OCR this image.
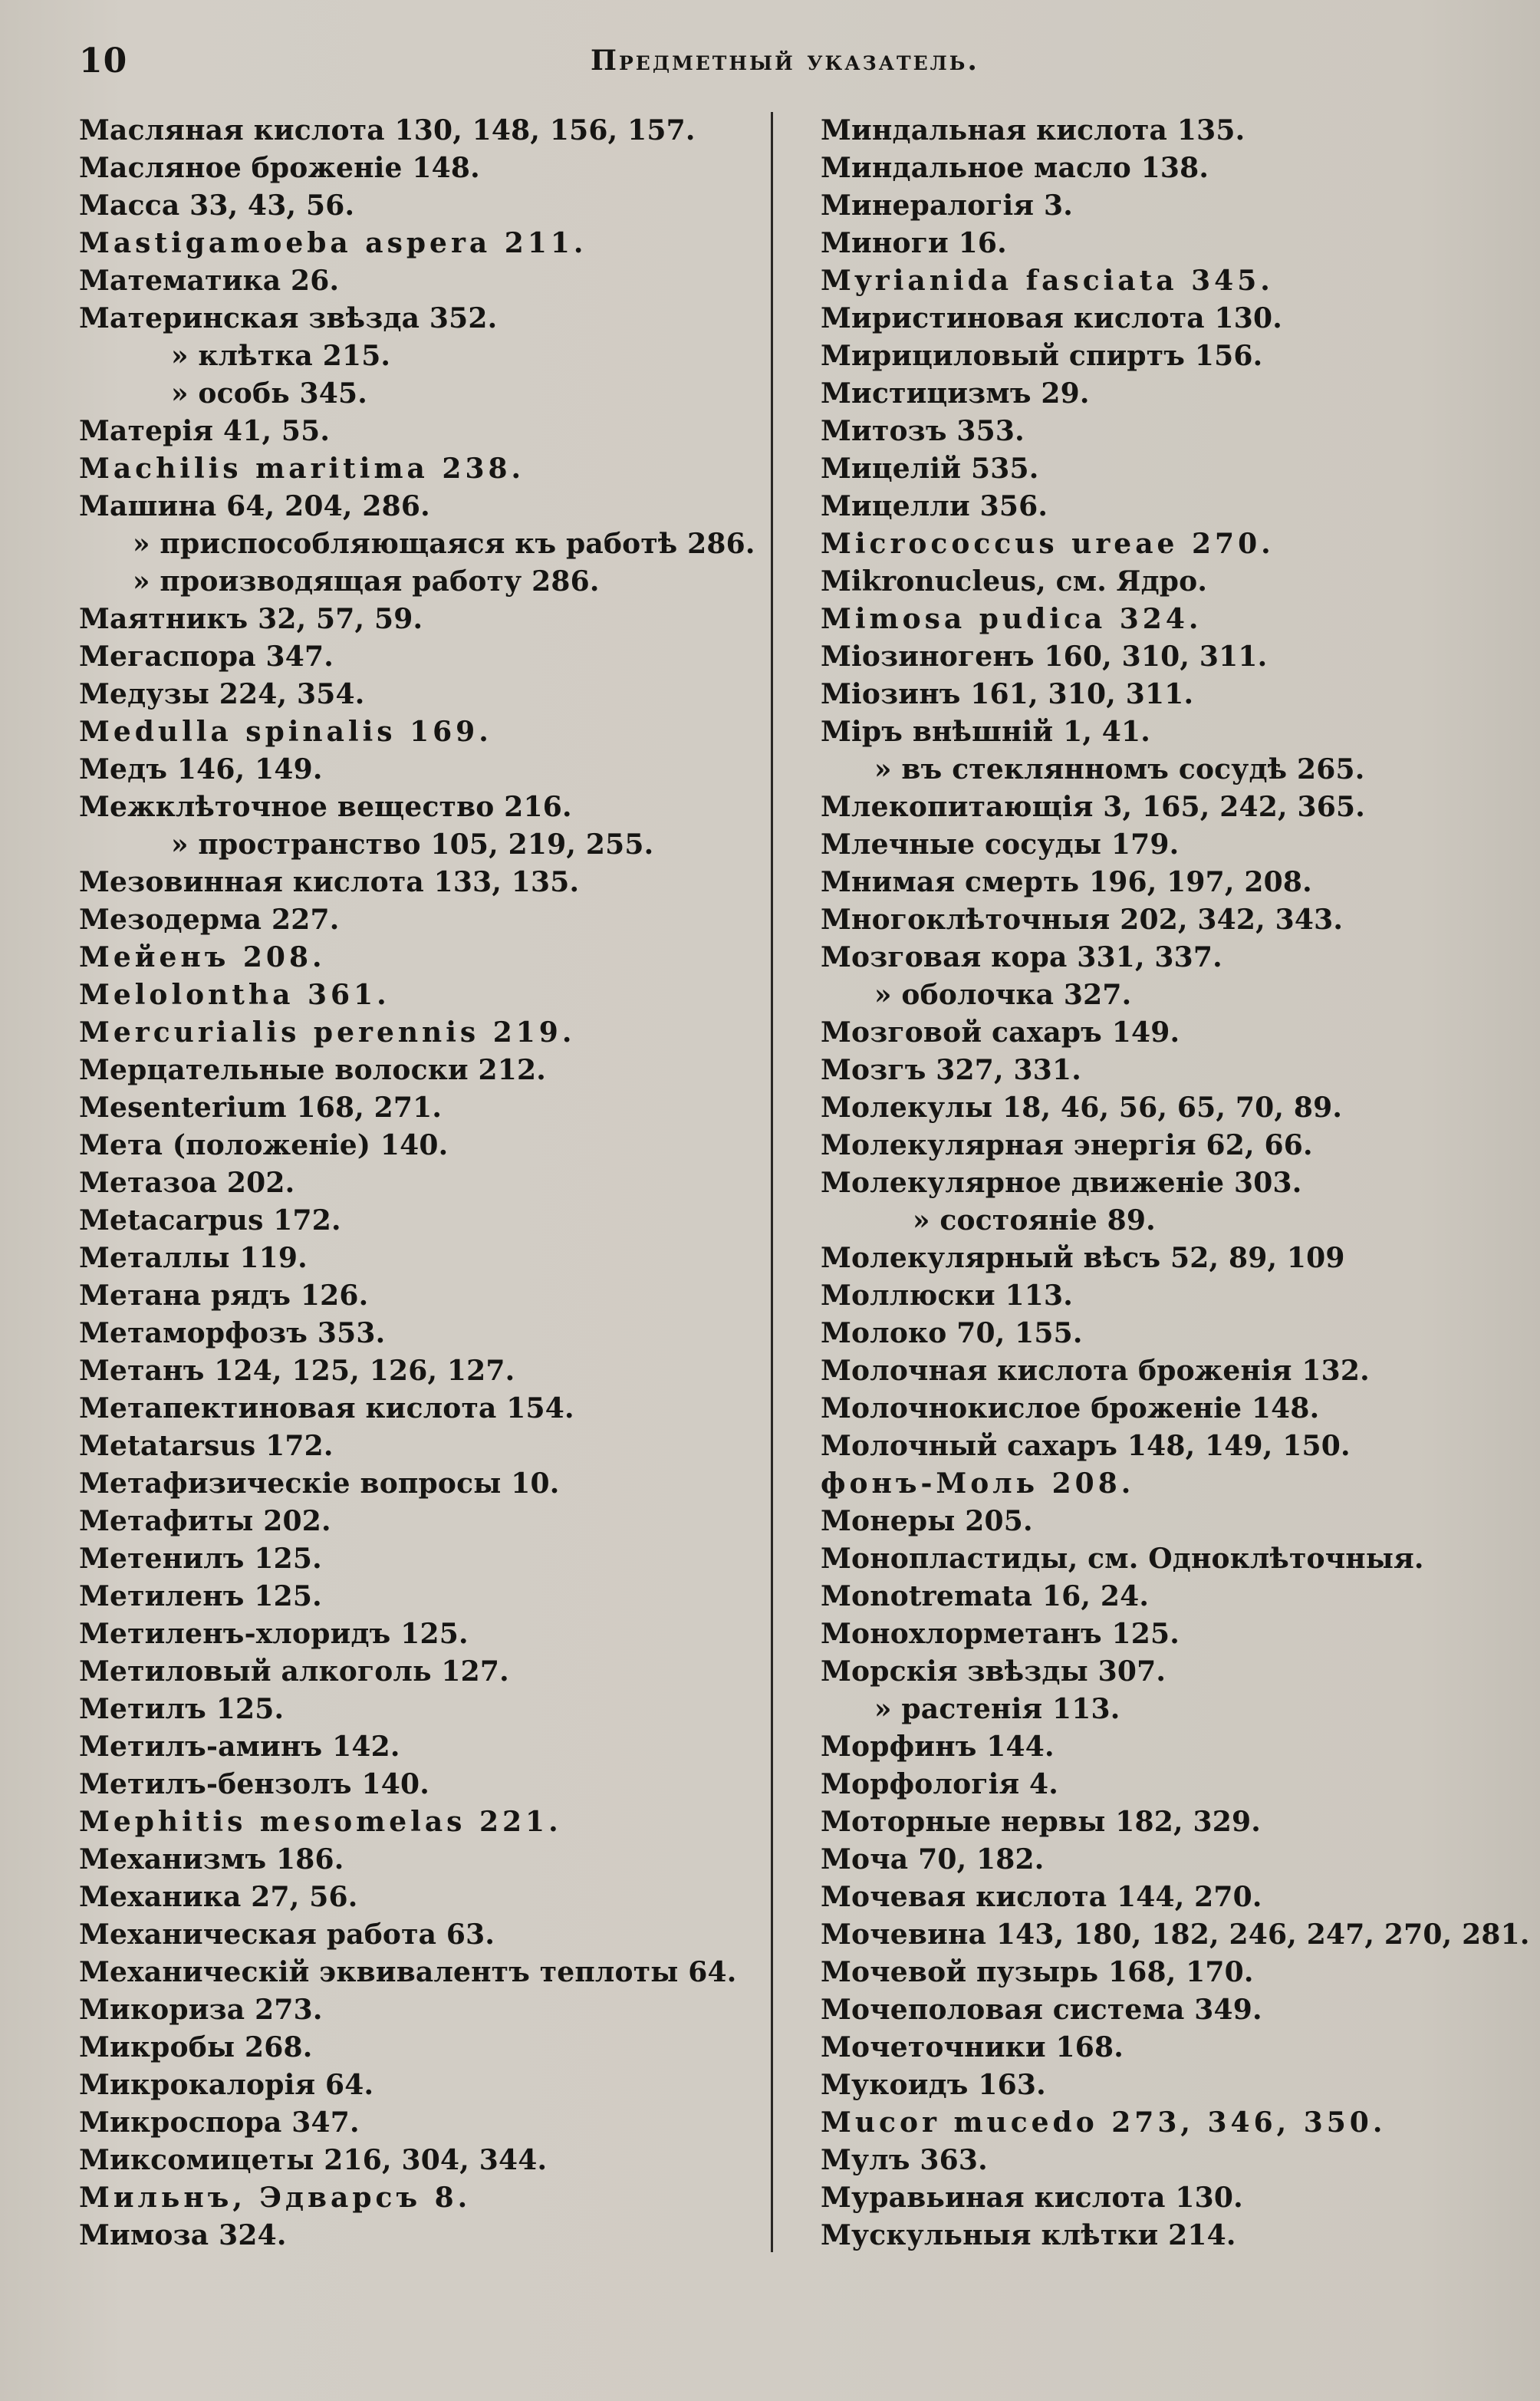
10	Предметный указатель.
Масляная кислота 130, 148, 156, 157.
Масляное броженіе 148.
Масса 33, 43, 56.
Mastigamoeba aspera 211.
Математика 26.
Материнская звѣзда 352.
» клѣтка 215.
» особь 345.
Матерія 41, 55.
Machilis maritima 238.
Машина 64, 204, 286.
» приспособляющаяся къ работѣ 286.
» производящая работу 286.
Маятникъ 32, 57, 59.
Мегаспора 347.
Медузы 224, 354.
Medulla spinalis 169.
Медъ 146, 149.
Межклѣточное вещество 216.
» пространство 105, 219, 255.
Мезовинная кислота 133, 135.
Мезодерма 227.
Мейенъ 208.
Melolontha 361.
Mercurialis perennis 219.
Мерцательные волоски 212.
Mesenterium 168, 271.
Мета (положеніе) 140.
Метазоа 202.
Metacarpus 172.
Металлы 119.
Метана рядъ 126.
Метаморфозъ 353.
Метанъ 124, 125, 126, 127.
Метапектиновая кислота 154.
Metatarsus 172.
Метафизическіе вопросы 10.
Метафиты 202.
Метенилъ 125.
Метиленъ 125.
Метиленъ-хлоридъ 125.
Метиловый алкоголь 127.
Метилъ 125.
Метилъ-аминъ 142.
Метилъ-бензолъ 140.
Mephitis mesomelas 221.
Механизмъ 186.
Механика 27, 56.
Механическая работа 63.
Механическій эквивалентъ теплоты 64.
Микориза 273.
Микробы 268.
Микрокалорія 64.
Микроспора 347.
Миксомицеты 216, 304, 344.
Мильнъ, Эдварсъ 8.
Мимоза 324.
Миндальная кислота 135.
Миндальное масло 138.
Минералогія 3.
Миноги 16.
Myrianida fasciata 345.
Миристиновая кислота 130.
Мирициловый спиртъ 156.
Мистицизмъ 29.
Митозъ 353.
Мицелій 535.
Мицелли 356.
Micrococcus ureae 270.
Mikronucleus, см. Ядро.
Mimosa pudica 324.
Міозиногенъ 160, 310, 311.
Міозинъ 161, 310, 311.
Міръ внѣшній 1, 41.
» въ стеклянномъ сосудѣ 265.
Млекопитающія 3, 165, 242, 365.
Млечные сосуды 179.
Мнимая смерть 196, 197, 208.
Многоклѣточныя 202, 342, 343.
Мозговая кора 331, 337.
» оболочка 327.
Мозговой сахаръ 149.
Мозгъ 327, 331.
Молекулы 18, 46, 56, 65, 70, 89.
Молекулярная энергія 62, 66.
Молекулярное движеніе 303.
» состояніе 89.
Молекулярный вѣсъ 52, 89, 109
Моллюски 113.
Молоко 70, 155.
Молочная кислота броженія 132.
Молочнокислое броженіе 148.
Молочный сахаръ 148, 149, 150.
фонъ-Моль 208.
Монеры 205.
Монопластиды, см. Одноклѣточныя.
Monotremata 16, 24.
Монохлорметанъ 125.
Морскія звѣзды 307.
» растенія 113.
Морфинъ 144.
Морфологія 4.
Моторные нервы 182, 329.
Моча 70, 182.
Мочевая кислота 144, 270.
Мочевина 143, 180, 182, 246, 247, 270, 281.
Мочевой пузырь 168, 170.
Мочеполовая система 349.
Мочеточники 168.
Мукоидъ 163.
Mucor mucedo 273, 346, 350.
Мулъ 363.
Муравьиная кислота 130.
Мускульныя клѣтки 214.
